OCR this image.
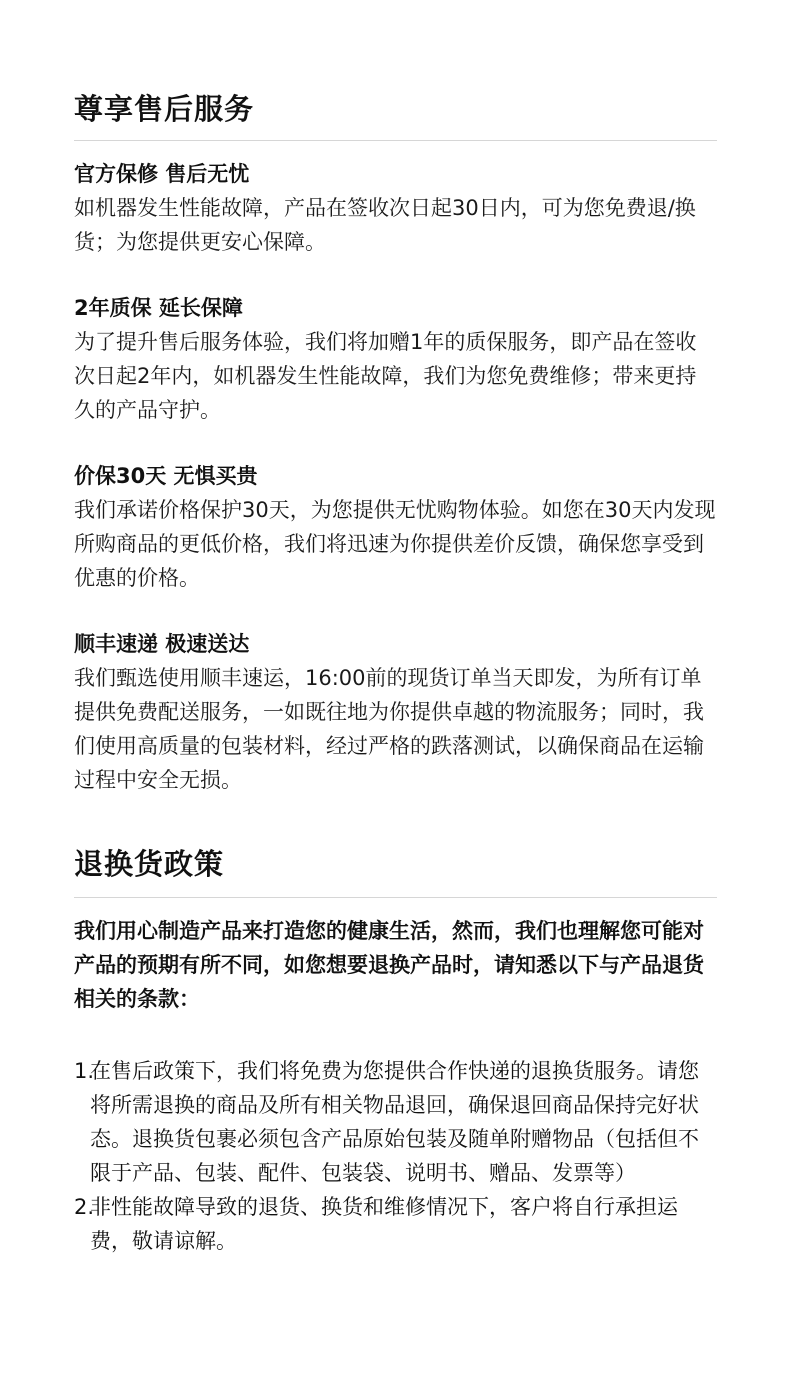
尊享售后服务
官方保修 售后无忧

如机器发生性能故障，产品在签收次日起30日内，可为您免费退/换货；为您提供更安心保障。

2年质保 延长保障

为了提升售后服务体验，我们将加赠1年的质保服务，即产品在签收次日起2年内，如机器发生性能故障，我们为您免费维修；带来更持久的产品守护。

价保30天 无惧买贵

我们承诺价格保护30天，为您提供无忧购物体验。如您在30天内发现所购商品的更低价格，我们将迅速为你提供差价反馈，确保您享受到优惠的价格。

顺丰速递 极速送达

我们甄选使用顺丰速运，16:00前的现货订单当天即发，为所有订单提供免费配送服务，一如既往地为你提供卓越的物流服务；同时，我们使用高质量的包装材料，经过严格的跌落测试，以确保商品在运输过程中安全无损。

退换货政策

我们用心制造产品来打造您的健康生活，然而，我们也理解您可能对产品的预期有所不同，如您想要退换产品时，请知悉以下与产品退货相关的条款：

1.
在售后政策下，我们将免费为您提供合作快递的退换货服务。请您将所需退换的商品及所有相关物品退回，确保退回商品保持完好状态。退换货包裹必须包含产品原始包装及随单附赠物品（包括但不限于产品、包装、配件、包装袋、说明书、赠品、发票等）
2.
非性能故障导致的退货、换货和维修情况下，客户将自行承担运费，敬请谅解。
